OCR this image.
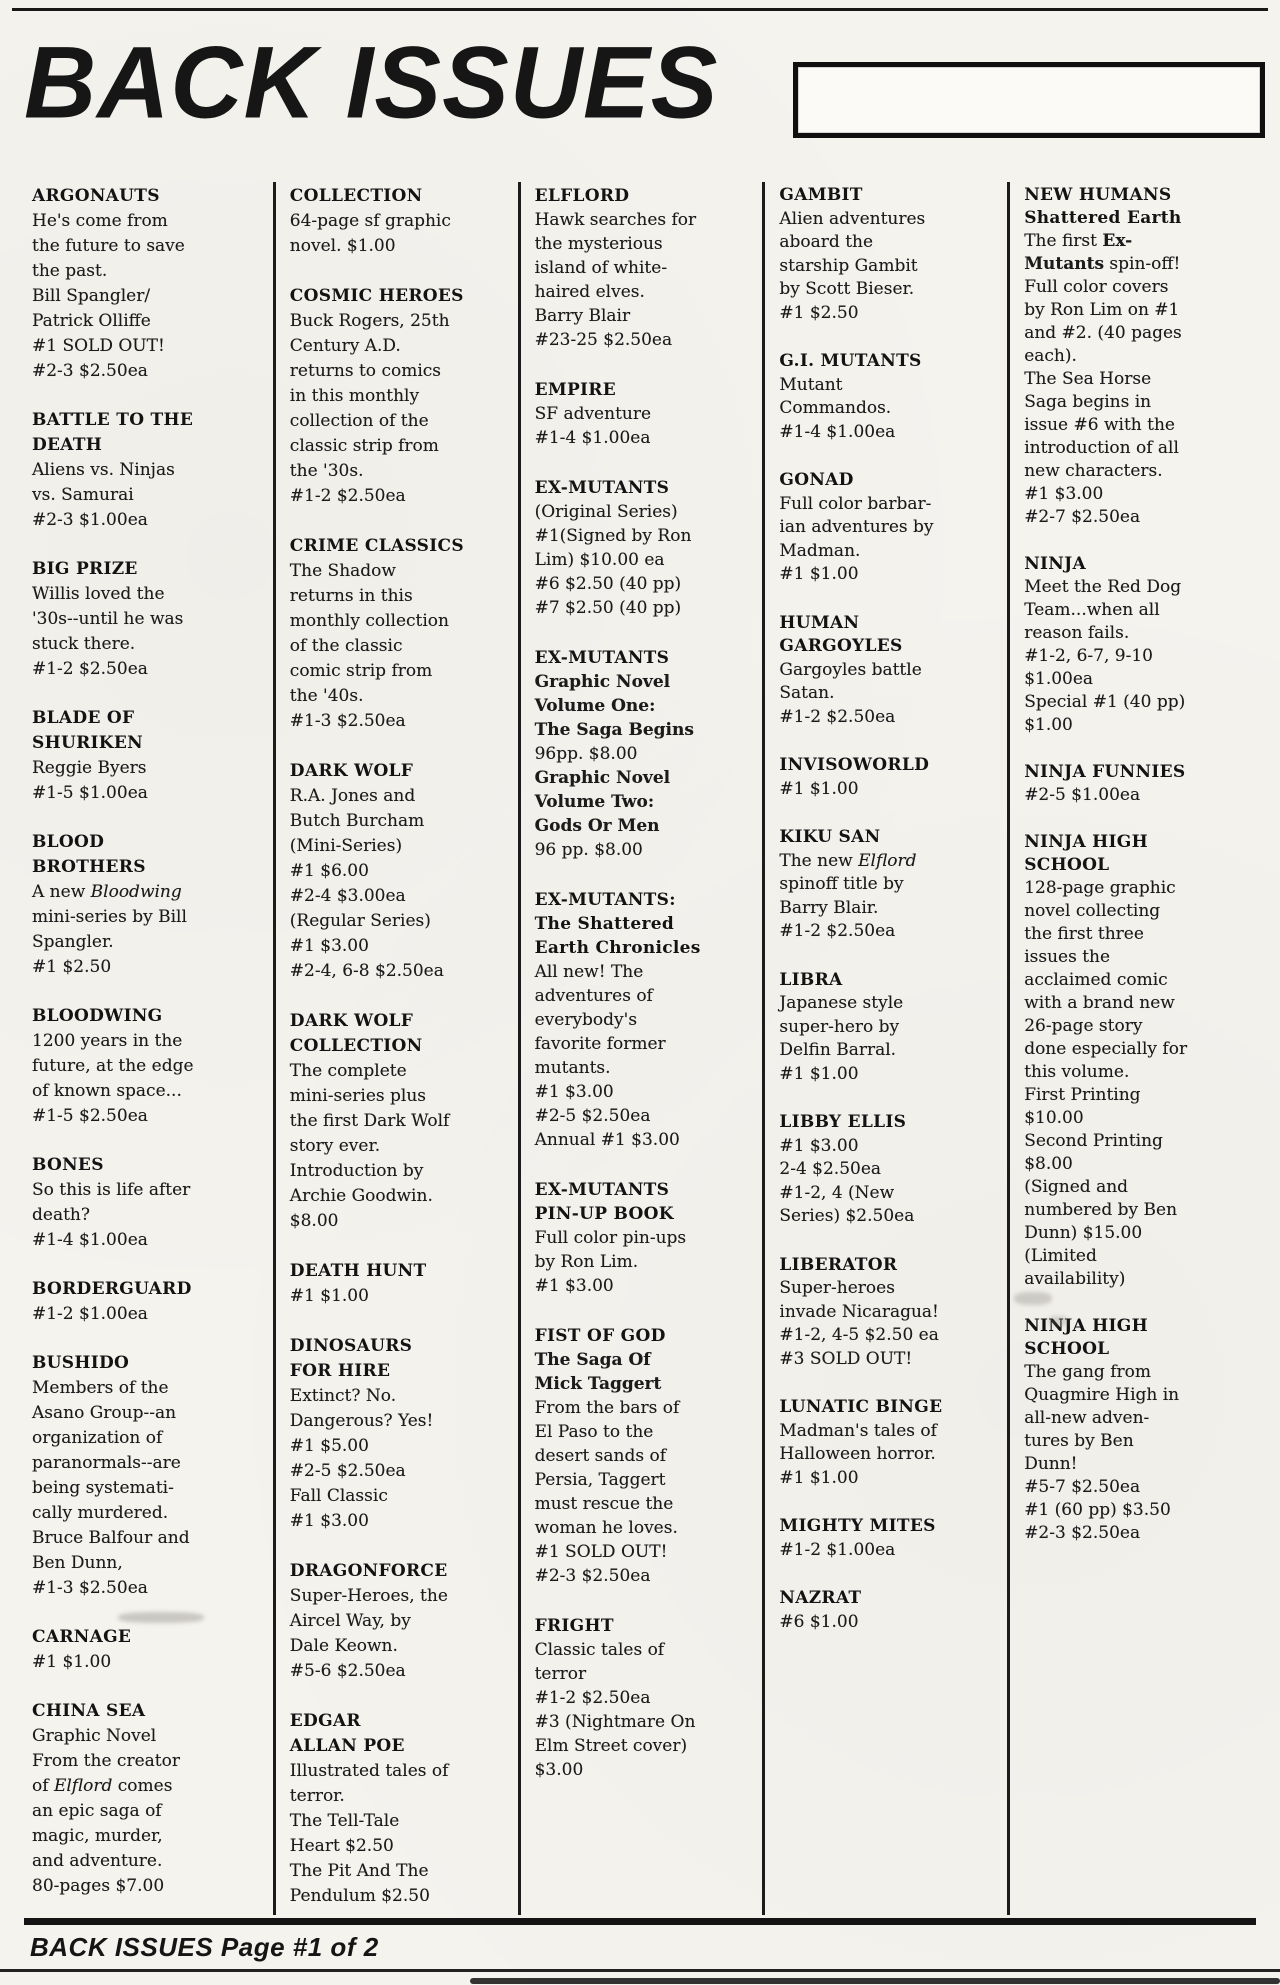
BACK ISSUES
ARGONAUTS
He's come from
the future to save
the past.
Bill Spangler/
Patrick Olliffe
#1 SOLD OUT!
#2-3 $2.50ea
BATTLE TO THE
DEATH
Aliens vs. Ninjas
vs. Samurai
#2-3 $1.00ea
BIG PRIZE
Willis loved the
'30s--until he was
stuck there.
#1-2 $2.50ea
BLADE OF
SHURIKEN
Reggie Byers
#1-5 $1.00ea
BLOOD
BROTHERS
A new Bloodwing
mini-series by Bill
Spangler.
#1 $2.50
BLOODWING
1200 years in the
future, at the edge
of known space...
#1-5 $2.50ea
BONES
So this is life after
death?
#1-4 $1.00ea
BORDERGUARD
#1-2 $1.00ea
BUSHIDO
Members of the
Asano Group--an
organization of
paranormals--are
being systemati-
cally murdered.
Bruce Balfour and
Ben Dunn,
#1-3 $2.50ea
CARNAGE
#1 $1.00
CHINA SEA
Graphic Novel
From the creator
of Elflord comes
an epic saga of
magic, murder,
and adventure.
80-pages $7.00
COLLECTION
64-page sf graphic
novel. $1.00
COSMIC HEROES
Buck Rogers, 25th
Century A.D.
returns to comics
in this monthly
collection of the
classic strip from
the '30s.
#1-2 $2.50ea
CRIME CLASSICS
The Shadow
returns in this
monthly collection
of the classic
comic strip from
the '40s.
#1-3 $2.50ea
DARK WOLF
R.A. Jones and
Butch Burcham
(Mini-Series)
#1 $6.00
#2-4 $3.00ea
(Regular Series)
#1 $3.00
#2-4, 6-8 $2.50ea
DARK WOLF
COLLECTION
The complete
mini-series plus
the first Dark Wolf
story ever.
Introduction by
Archie Goodwin.
$8.00
DEATH HUNT
#1 $1.00
DINOSAURS
FOR HIRE
Extinct? No.
Dangerous? Yes!
#1 $5.00
#2-5 $2.50ea
Fall Classic
#1 $3.00
DRAGONFORCE
Super-Heroes, the
Aircel Way, by
Dale Keown.
#5-6 $2.50ea
EDGAR
ALLAN POE
Illustrated tales of
terror.
The Tell-Tale
Heart $2.50
The Pit And The
Pendulum $2.50
ELFLORD
Hawk searches for
the mysterious
island of white-
haired elves.
Barry Blair
#23-25 $2.50ea
EMPIRE
SF adventure
#1-4 $1.00ea
EX-MUTANTS
(Original Series)
#1(Signed by Ron
Lim) $10.00 ea
#6 $2.50 (40 pp)
#7 $2.50 (40 pp)
EX-MUTANTS
Graphic Novel
Volume One:
The Saga Begins
96pp. $8.00
Graphic Novel
Volume Two:
Gods Or Men
96 pp. $8.00
EX-MUTANTS:
The Shattered
Earth Chronicles
All new! The
adventures of
everybody's
favorite former
mutants.
#1 $3.00
#2-5 $2.50ea
Annual #1 $3.00
EX-MUTANTS
PIN-UP BOOK
Full color pin-ups
by Ron Lim.
#1 $3.00
FIST OF GOD
The Saga Of
Mick Taggert
From the bars of
El Paso to the
desert sands of
Persia, Taggert
must rescue the
woman he loves.
#1 SOLD OUT!
#2-3 $2.50ea
FRIGHT
Classic tales of
terror
#1-2 $2.50ea
#3 (Nightmare On
Elm Street cover)
$3.00
GAMBIT
Alien adventures
aboard the
starship Gambit
by Scott Bieser.
#1 $2.50
G.I. MUTANTS
Mutant
Commandos.
#1-4 $1.00ea
GONAD
Full color barbar-
ian adventures by
Madman.
#1 $1.00
HUMAN
GARGOYLES
Gargoyles battle
Satan.
#1-2 $2.50ea
INVISOWORLD
#1 $1.00
KIKU SAN
The new Elflord
spinoff title by
Barry Blair.
#1-2 $2.50ea
LIBRA
Japanese style
super-hero by
Delfin Barral.
#1 $1.00
LIBBY ELLIS
#1 $3.00
2-4 $2.50ea
#1-2, 4 (New
Series) $2.50ea
LIBERATOR
Super-heroes
invade Nicaragua!
#1-2, 4-5 $2.50 ea
#3 SOLD OUT!
LUNATIC BINGE
Madman's tales of
Halloween horror.
#1 $1.00
MIGHTY MITES
#1-2 $1.00ea
NAZRAT
#6 $1.00
NEW HUMANS
Shattered Earth
The first Ex-
Mutants spin-off!
Full color covers
by Ron Lim on #1
and #2. (40 pages
each).
The Sea Horse
Saga begins in
issue #6 with the
introduction of all
new characters.
#1 $3.00
#2-7 $2.50ea
NINJA
Meet the Red Dog
Team...when all
reason fails.
#1-2, 6-7, 9-10
$1.00ea
Special #1 (40 pp)
$1.00
NINJA FUNNIES
#2-5 $1.00ea
NINJA HIGH
SCHOOL
128-page graphic
novel collecting
the first three
issues the
acclaimed comic
with a brand new
26-page story
done especially for
this volume.
First Printing
$10.00
Second Printing
$8.00
(Signed and
numbered by Ben
Dunn) $15.00
(Limited
availability)
NINJA HIGH
SCHOOL
The gang from
Quagmire High in
all-new adven-
tures by Ben
Dunn!
#5-7 $2.50ea
#1 (60 pp) $3.50
#2-3 $2.50ea
BACK ISSUES Page #1 of 2
